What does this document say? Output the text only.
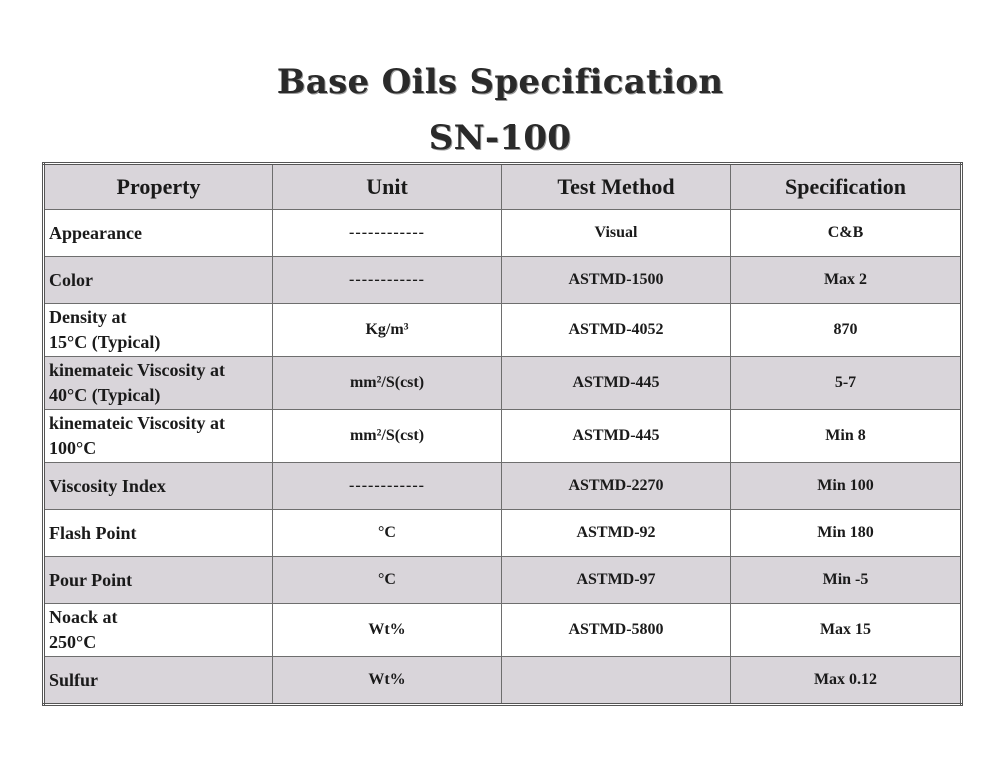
Base Oils Specification
SN-100
Property	Unit	Test Method	Specification
Appearance	------------	Visual	C&B
Color	------------	ASTMD-1500	Max 2
Density at
15°C (Typical)	Kg/m³	ASTMD-4052	870
kinemateic Viscosity at
40°C (Typical)	mm²/S(cst)	ASTMD-445	5-7
kinemateic Viscosity at
100°C	mm²/S(cst)	ASTMD-445	Min 8
Viscosity Index	------------	ASTMD-2270	Min 100
Flash Point	°C	ASTMD-92	Min 180
Pour Point	°C	ASTMD-97	Min -5
Noack at
250°C	Wt%	ASTMD-5800	Max 15
Sulfur	Wt%		Max 0.12
